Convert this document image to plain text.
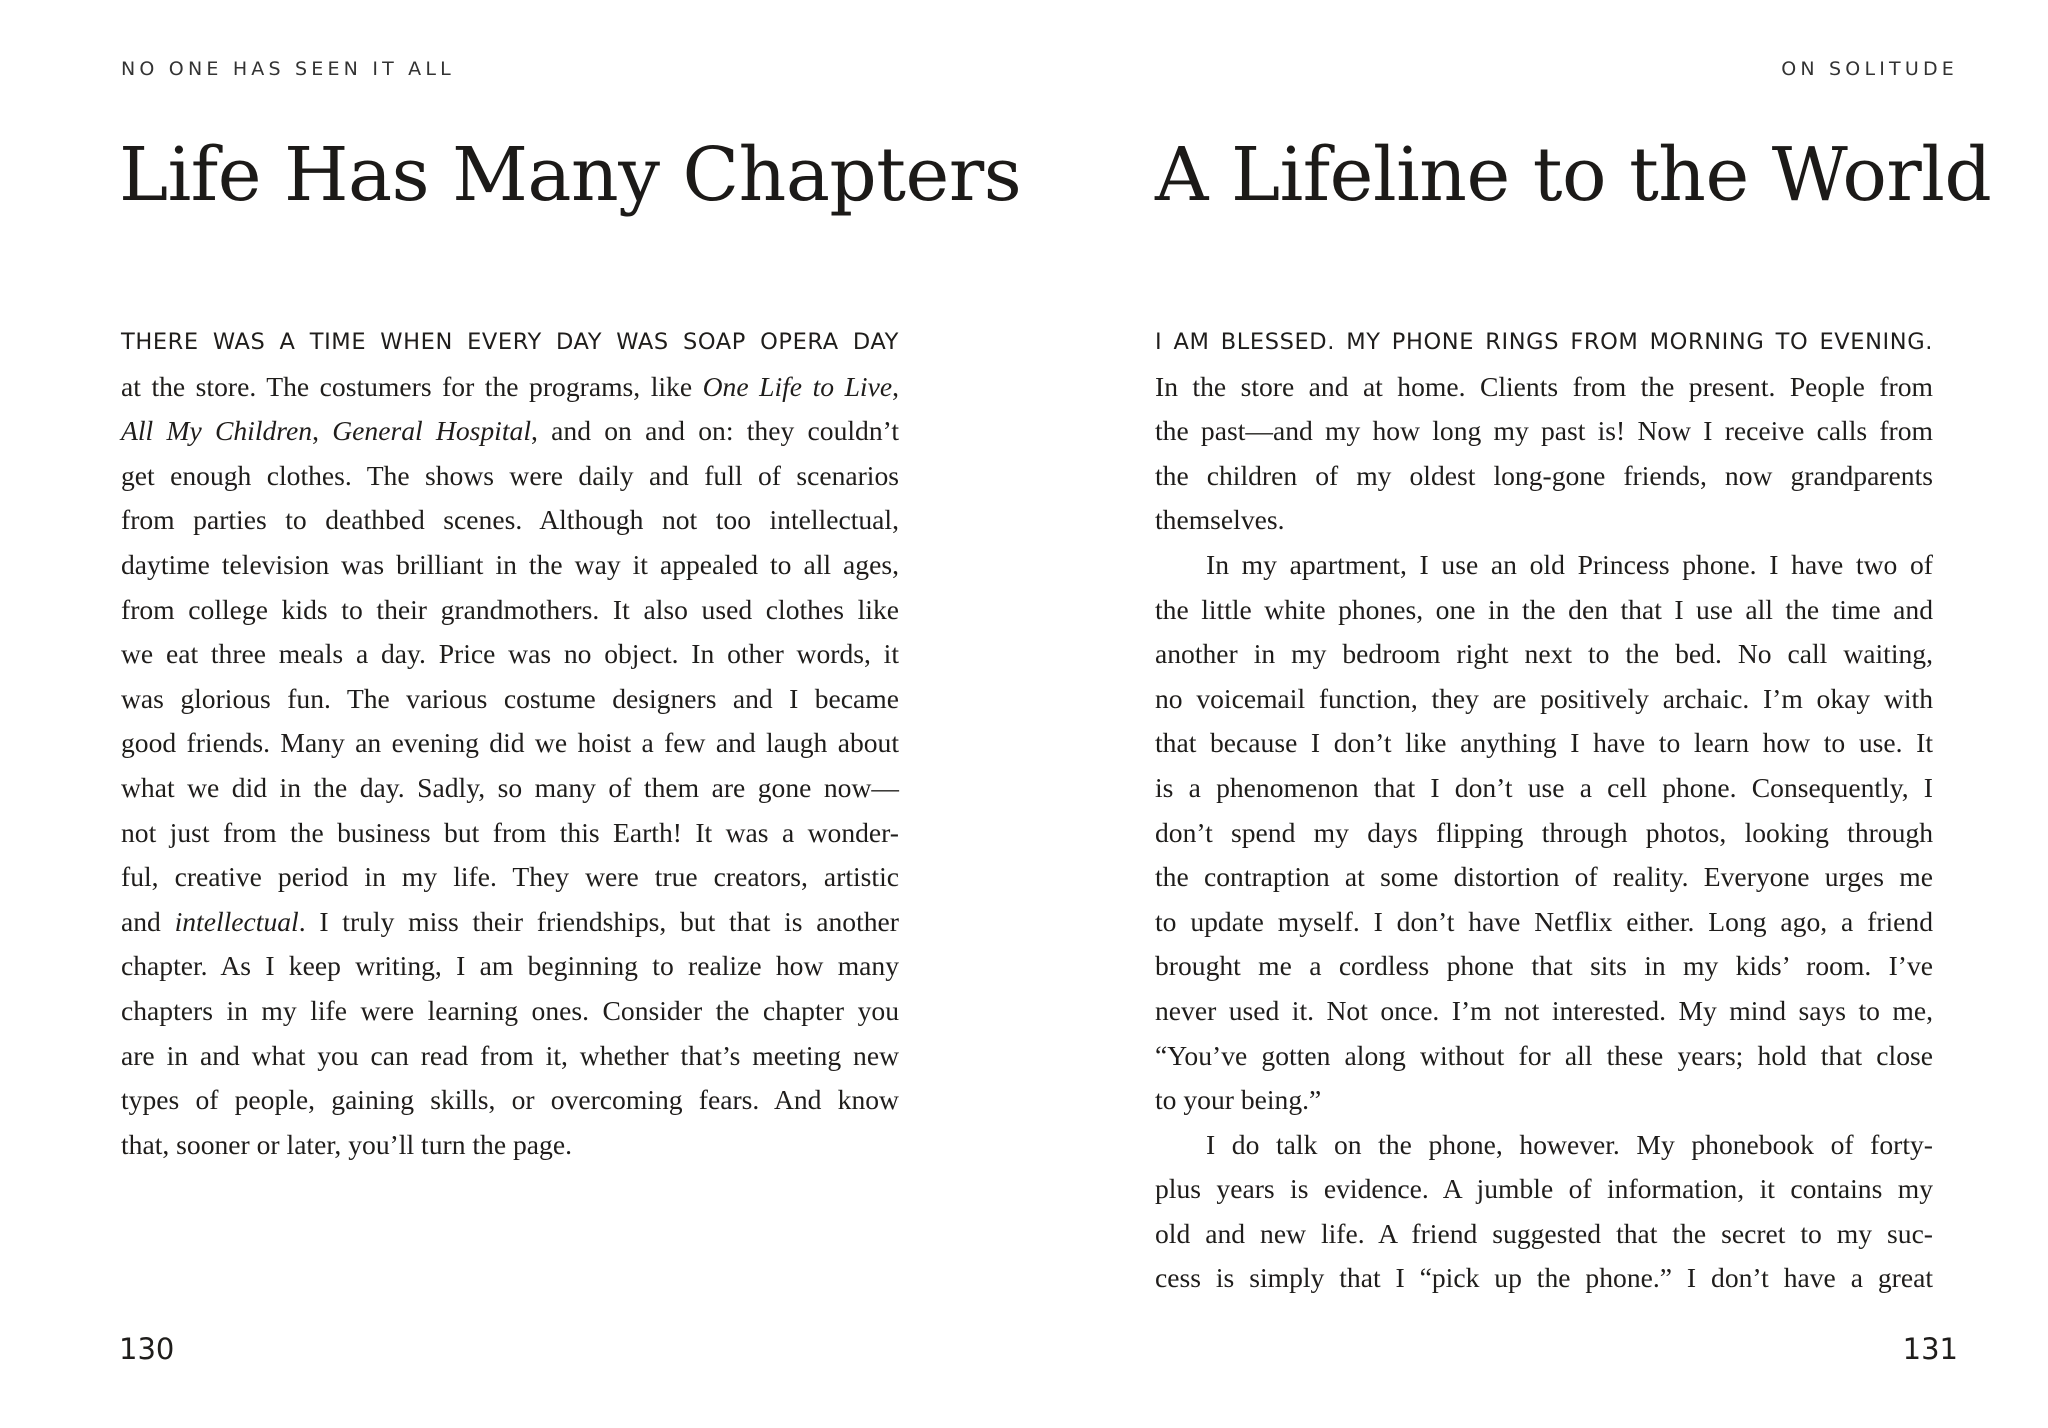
NO ONE HAS SEEN IT ALL
Life Has Many Chapters
THERE WAS A TIME WHEN EVERY DAY WAS SOAP OPERA DAY
at the store. The costumers for the programs, like One Life to Live,
All My Children, General Hospital, and on and on: they couldn’t
get enough clothes. The shows were daily and full of scenarios
from parties to deathbed scenes. Although not too intellectual,
daytime television was brilliant in the way it appealed to all ages,
from college kids to their grandmothers. It also used clothes like
we eat three meals a day. Price was no object. In other words, it
was glorious fun. The various costume designers and I became
good friends. Many an evening did we hoist a few and laugh about
what we did in the day. Sadly, so many of them are gone now—
not just from the business but from this Earth! It was a wonder-
ful, creative period in my life. They were true creators, artistic
and intellectual. I truly miss their friendships, but that is another
chapter. As I keep writing, I am beginning to realize how many
chapters in my life were learning ones. Consider the chapter you
are in and what you can read from it, whether that’s meeting new
types of people, gaining skills, or overcoming fears. And know
that, sooner or later, you’ll turn the page.
130
ON SOLITUDE
A Lifeline to the World
I AM BLESSED. MY PHONE RINGS FROM MORNING TO EVENING.
In the store and at home. Clients from the present. People from
the past—and my how long my past is! Now I receive calls from
the children of my oldest long-gone friends, now grandparents
themselves.
In my apartment, I use an old Princess phone. I have two of
the little white phones, one in the den that I use all the time and
another in my bedroom right next to the bed. No call waiting,
no voicemail function, they are positively archaic. I’m okay with
that because I don’t like anything I have to learn how to use. It
is a phenomenon that I don’t use a cell phone. Consequently, I
don’t spend my days flipping through photos, looking through
the contraption at some distortion of reality. Everyone urges me
to update myself. I don’t have Netflix either. Long ago, a friend
brought me a cordless phone that sits in my kids’ room. I’ve
never used it. Not once. I’m not interested. My mind says to me,
“You’ve gotten along without for all these years; hold that close
to your being.”
I do talk on the phone, however. My phonebook of forty-
plus years is evidence. A jumble of information, it contains my
old and new life. A friend suggested that the secret to my suc-
cess is simply that I “pick up the phone.” I don’t have a great
131
